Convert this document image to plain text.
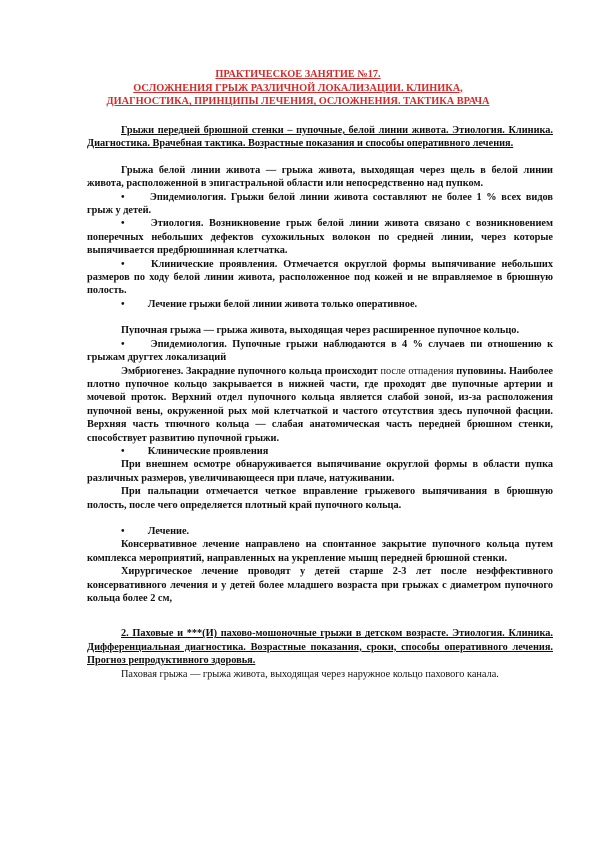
ПРАКТИЧЕСКОЕ ЗАНЯТИЕ №17.
ОСЛОЖНЕНИЯ ГРЫЖ РАЗЛИЧНОЙ ЛОКАЛИЗАЦИИ. КЛИНИКА,
ДИАГНОСТИКА, ПРИНЦИПЫ ЛЕЧЕНИЯ, ОСЛОЖНЕНИЯ. ТАКТИКА ВРАЧА

Грыжи передней брюшной стенки – пупочные, белой линии живота. Этиология. Клиника. Диагностика. Врачебная тактика. Возрастные показания и способы оперативного лечения.

Грыжа белой линии живота — грыжа живота, выходящая через щель в белой линии живота, расположенной в эпигастральной области или непосредственно над пупком.

•   Эпидемиология. Грыжи белой линии живота составляют не более 1 % всех видов грыж у детей.

•  	Этиология. Возникновение грыж белой линии живота связано с возникновением поперечных небольших дефектов сухожильных волокон по средней линии, через которые выпячивается предбрюшинная клетчатка.

•  	Клинические проявления. Отмечается округлой формы выпячивание небольших размеров по ходу белой линии живота, расположенное под кожей и не вправляемое в брюшную полость.

•   Лечение грыжи белой линии живота только оперативное.

Пупочная грыжа — грыжа живота, выходящая через расширенное пупочное кольцо.

•  	Эпидемиология. Пупочные грыжи наблюдаются в 4 % случаев пи отношению к грыжам другтех локализаций

Эмбриогенез. Закрадние пупочного кольца происходит после отпадения пуповины. Наиболее плотно пупочное кольцо закрывается в нижней части, где проходят две пупочные артерии и мочевой проток. Верхний отдел пупочного кольца является слабой зоной, из-за расположения пупочной вены, окруженной рых мой клетчаткой и частого отсутствия здесь пупочной фасции. Верхняя часть тпючного кольца — слабая анатомическая часть передней брюшном стенки, способствует развитию пупочной грыжи.

•   Клинические проявления

При внешнем осмотре обнаруживается выпячивание округлой формы в области пупка различных размеров, увеличивающееся при плаче, натуживании.

При пальпации отмечается четкое вправление грыжевого выпячивания в брюшную полость, после чего определяется плотный край пупочного кольца.

•   Лечение.

Консервативное лечение направлено на спонтанное закрытие пупочного кольца путем комплекса мероприятий, направленных на укрепление мышц передней брюшной стенки.

Хирургическое лечение проводят у детей старше 2-3 лет после неэффективного консервативного лечения и у детей более младшего возраста при грыжах с диаметром пупочного кольца более 2 см,

2. Паховые и ***(И) пахово-мошоночные грыжи в детском возрасте. Этиология. Клиника. Дифференциальная диагностика. Возрастные показания, сроки, способы оперативного лечения. Прогноз репродуктивного здоровья.

Паховая грыжа — грыжа живота, выходящая через наружное кольцо пахового канала.
